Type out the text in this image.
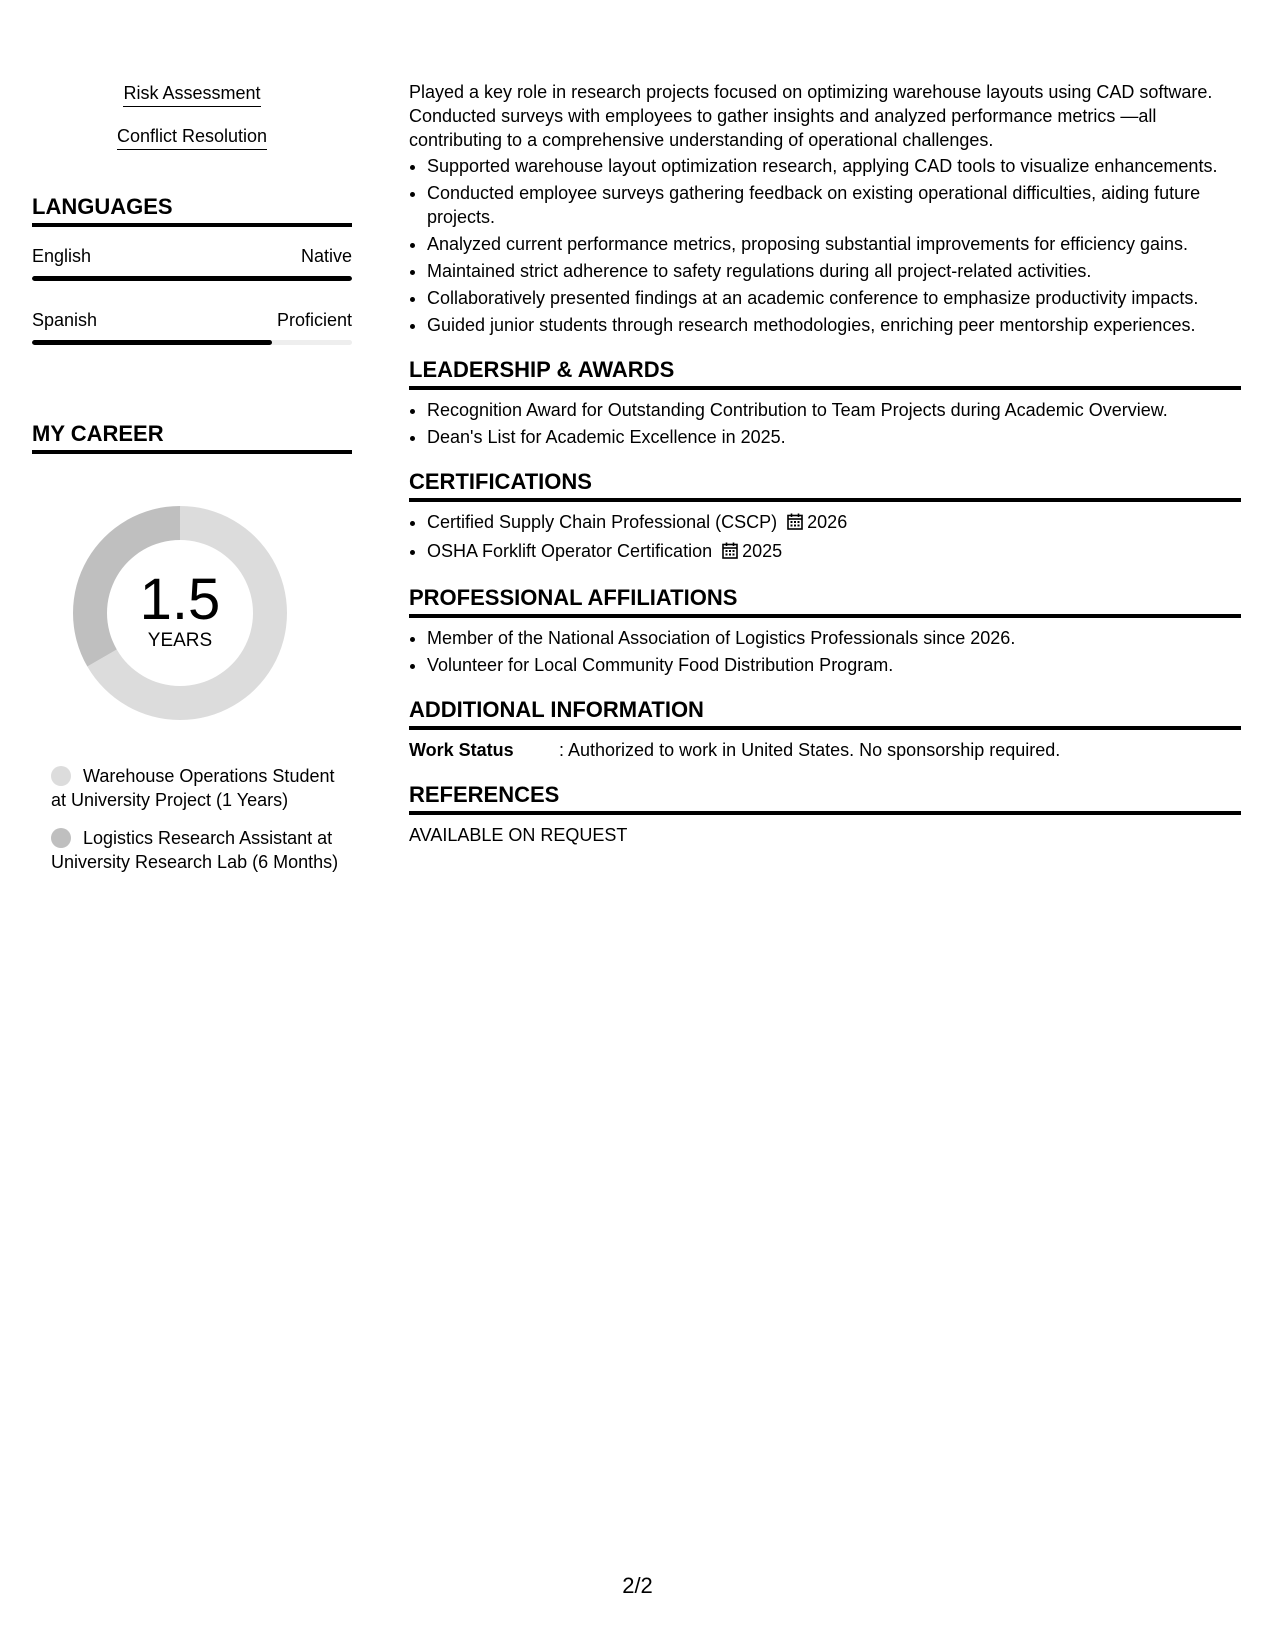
Risk Assessment
Conflict Resolution
LANGUAGES
English	Native
Spanish	Proficient
MY CAREER
1.5
YEARS
Warehouse Operations Student at University Project (1 Years)
Logistics Research Assistant at University Research Lab (6 Months)

Played a key role in research projects focused on optimizing warehouse layouts using CAD software. Conducted surveys with employees to gather insights and analyzed performance metrics —all contributing to a comprehensive understanding of operational challenges.

• Supported warehouse layout optimization research, applying CAD tools to visualize enhancements.
• Conducted employee surveys gathering feedback on existing operational difficulties, aiding future projects.
• Analyzed current performance metrics, proposing substantial improvements for efficiency gains.
• Maintained strict adherence to safety regulations during all project-related activities.
• Collaboratively presented findings at an academic conference to emphasize productivity impacts.
• Guided junior students through research methodologies, enriching peer mentorship experiences.
LEADERSHIP & AWARDS
• Recognition Award for Outstanding Contribution to Team Projects during Academic Overview.
• Dean's List for Academic Excellence in 2025.
CERTIFICATIONS
• Certified Supply Chain Professional (CSCP) 2026
• OSHA Forklift Operator Certification 2025
PROFESSIONAL AFFILIATIONS
• Member of the National Association of Logistics Professionals since 2026.
• Volunteer for Local Community Food Distribution Program.
ADDITIONAL INFORMATION
Work Status	: Authorized to work in United States. No sponsorship required.
REFERENCES
AVAILABLE ON REQUEST
2/2
